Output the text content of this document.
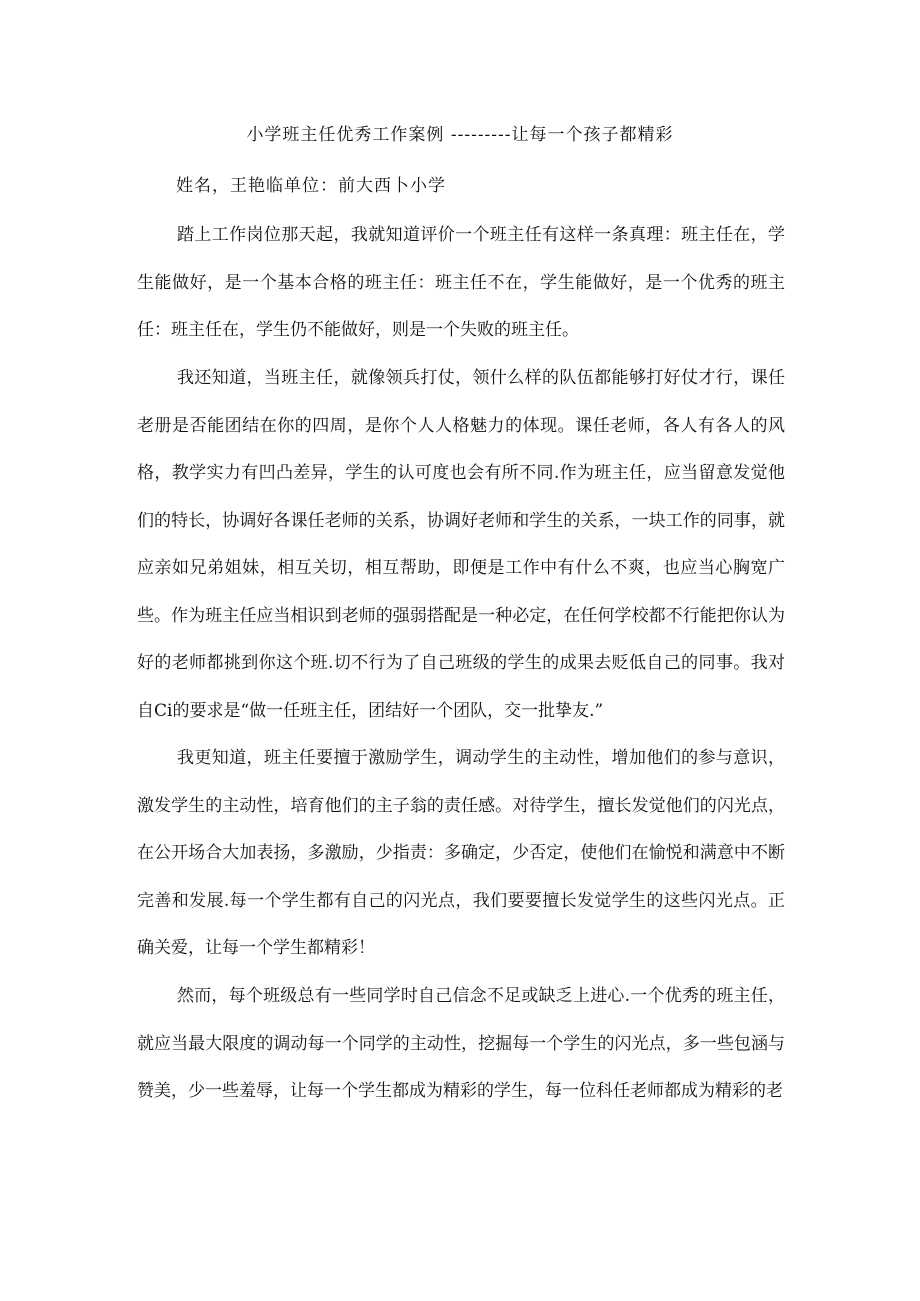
小学班主任优秀工作案例 ---------让每一个孩子都精彩
姓名，王艳临单位：前大西卜小学

踏上工作岗位那天起，我就知道评价一个班主任有这样一条真理：班主任在，学生能做好，是一个基本合格的班主任：班主任不在，学生能做好，是一个优秀的班主任：班主任在，学生仍不能做好，则是一个失败的班主任。

我还知道，当班主任，就像领兵打仗，领什么样的队伍都能够打好仗才行，课任老册是否能团结在你的四周，是你个人人格魅力的体现。课任老师，各人有各人的风格，教学实力有凹凸差异，学生的认可度也会有所不同.作为班主任，应当留意发觉他们的特长，协调好各课任老师的关系，协调好老师和学生的关系，一块工作的同事，就应亲如兄弟姐妹，相互关切，相互帮助，即便是工作中有什么不爽，也应当心胸宽广些。作为班主任应当相识到老师的强弱搭配是一种必定，在任何学校都不行能把你认为好的老师都挑到你这个班.切不行为了自己班级的学生的成果去贬低自己的同事。我对自Ci的要求是“做一任班主任，团结好一个团队，交一批挚友.”

我更知道，班主任要擅于激励学生，调动学生的主动性，增加他们的参与意识，激发学生的主动性，培育他们的主子翁的责任感。对待学生，擅长发觉他们的闪光点，在公开场合大加表扬，多激励，少指责：多确定，少否定，使他们在愉悦和满意中不断完善和发展.每一个学生都有自己的闪光点，我们要要擅长发觉学生的这些闪光点。正确关爱，让每一个学生都精彩！

然而，每个班级总有一些同学时自己信念不足或缺乏上进心.一个优秀的班主任，就应当最大限度的调动每一个同学的主动性，挖掘每一个学生的闪光点，多一些包涵与赞美，少一些羞辱，让每一个学生都成为精彩的学生，每一位科任老师都成为精彩的老
